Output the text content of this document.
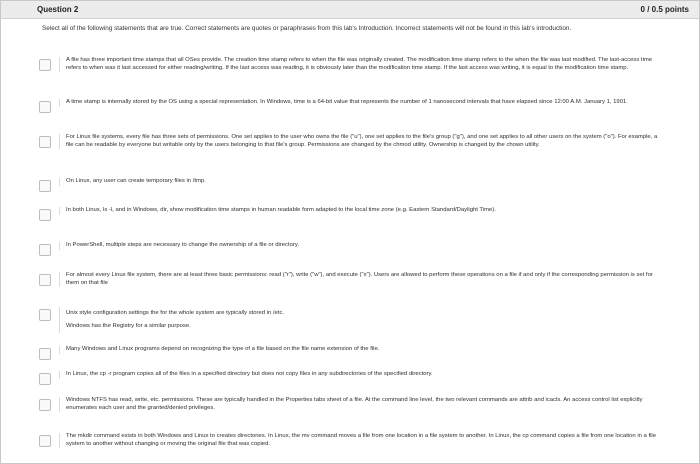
Question 2	0 / 0.5 points
Select all of the following statements that are true. Correct statements are quotes or paraphrases from this lab's Introduction. Incorrect statements will not be found in this lab's introduction.
A file has three important time stamps that all OSes provide. The creation time stamp refers to when the file was originally created. The modification time stamp refers to the when the file was last modified. The last-access time refers to when was it last accessed for either reading/writing. If the last access was reading, it is obviously later than the modification time stamp. If the last access was writing, it is equal to the modification time stamp.
A time stamp is internally stored by the OS using a special representation. In Windows, time is a 64-bit value that represents the number of 1 nanosecond intervals that have elapsed since 12:00 A.M. January 1, 1901.
For Linux file systems, every file has three sets of permissions. One set applies to the user who owns the file ("u"), one set applies to the file's group ("g"), and one set applies to all other users on the system ("o"). For example, a file can be readable by everyone but writable only by the users belonging to that file's group. Permissions are changed by the chmod utility. Ownership is changed by the chown utility.
On Linux, any user can create temporary files in /tmp.
In both Linux, ls -l, and in Windows, dir, show modification time stamps in human readable form adapted to the local time zone (e.g. Eastern Standard/Daylight Time).
In PowerShell, multiple steps are necessary to change the ownership of a file or directory.
For almost every Linux file system, there are at least three basic permissions: read ("r"), write ("w"), and execute ("x"). Users are allowed to perform these operations on a file if and only if the corresponding permission is set for them on that file
Unix style configuration settings the for the whole system are typically stored in /etc.
Windows has the Registry for a similar purpose.
Many Windows and Linux programs depend on recognizing the type of a file based on the file name extension of the file.
In Linux, the cp -r program copies all of the files in a specified directory but does not copy files in any subdirectories of the specified directory.
Windows NTFS has read, write, etc. permissions. These are typically handled in the Properties tabs sheet of a file. At the command line level, the two relevant commands are attrib and icacls. An access control list explicitly enumerates each user and the granted/denied privileges.
The mkdir command exists in both Windows and Linux to creates directories. In Linux, the mv command moves a file from one location in a file system to another. In Linux, the cp command copies a file from one location in a file system to another without changing or moving the original file that was copied.
